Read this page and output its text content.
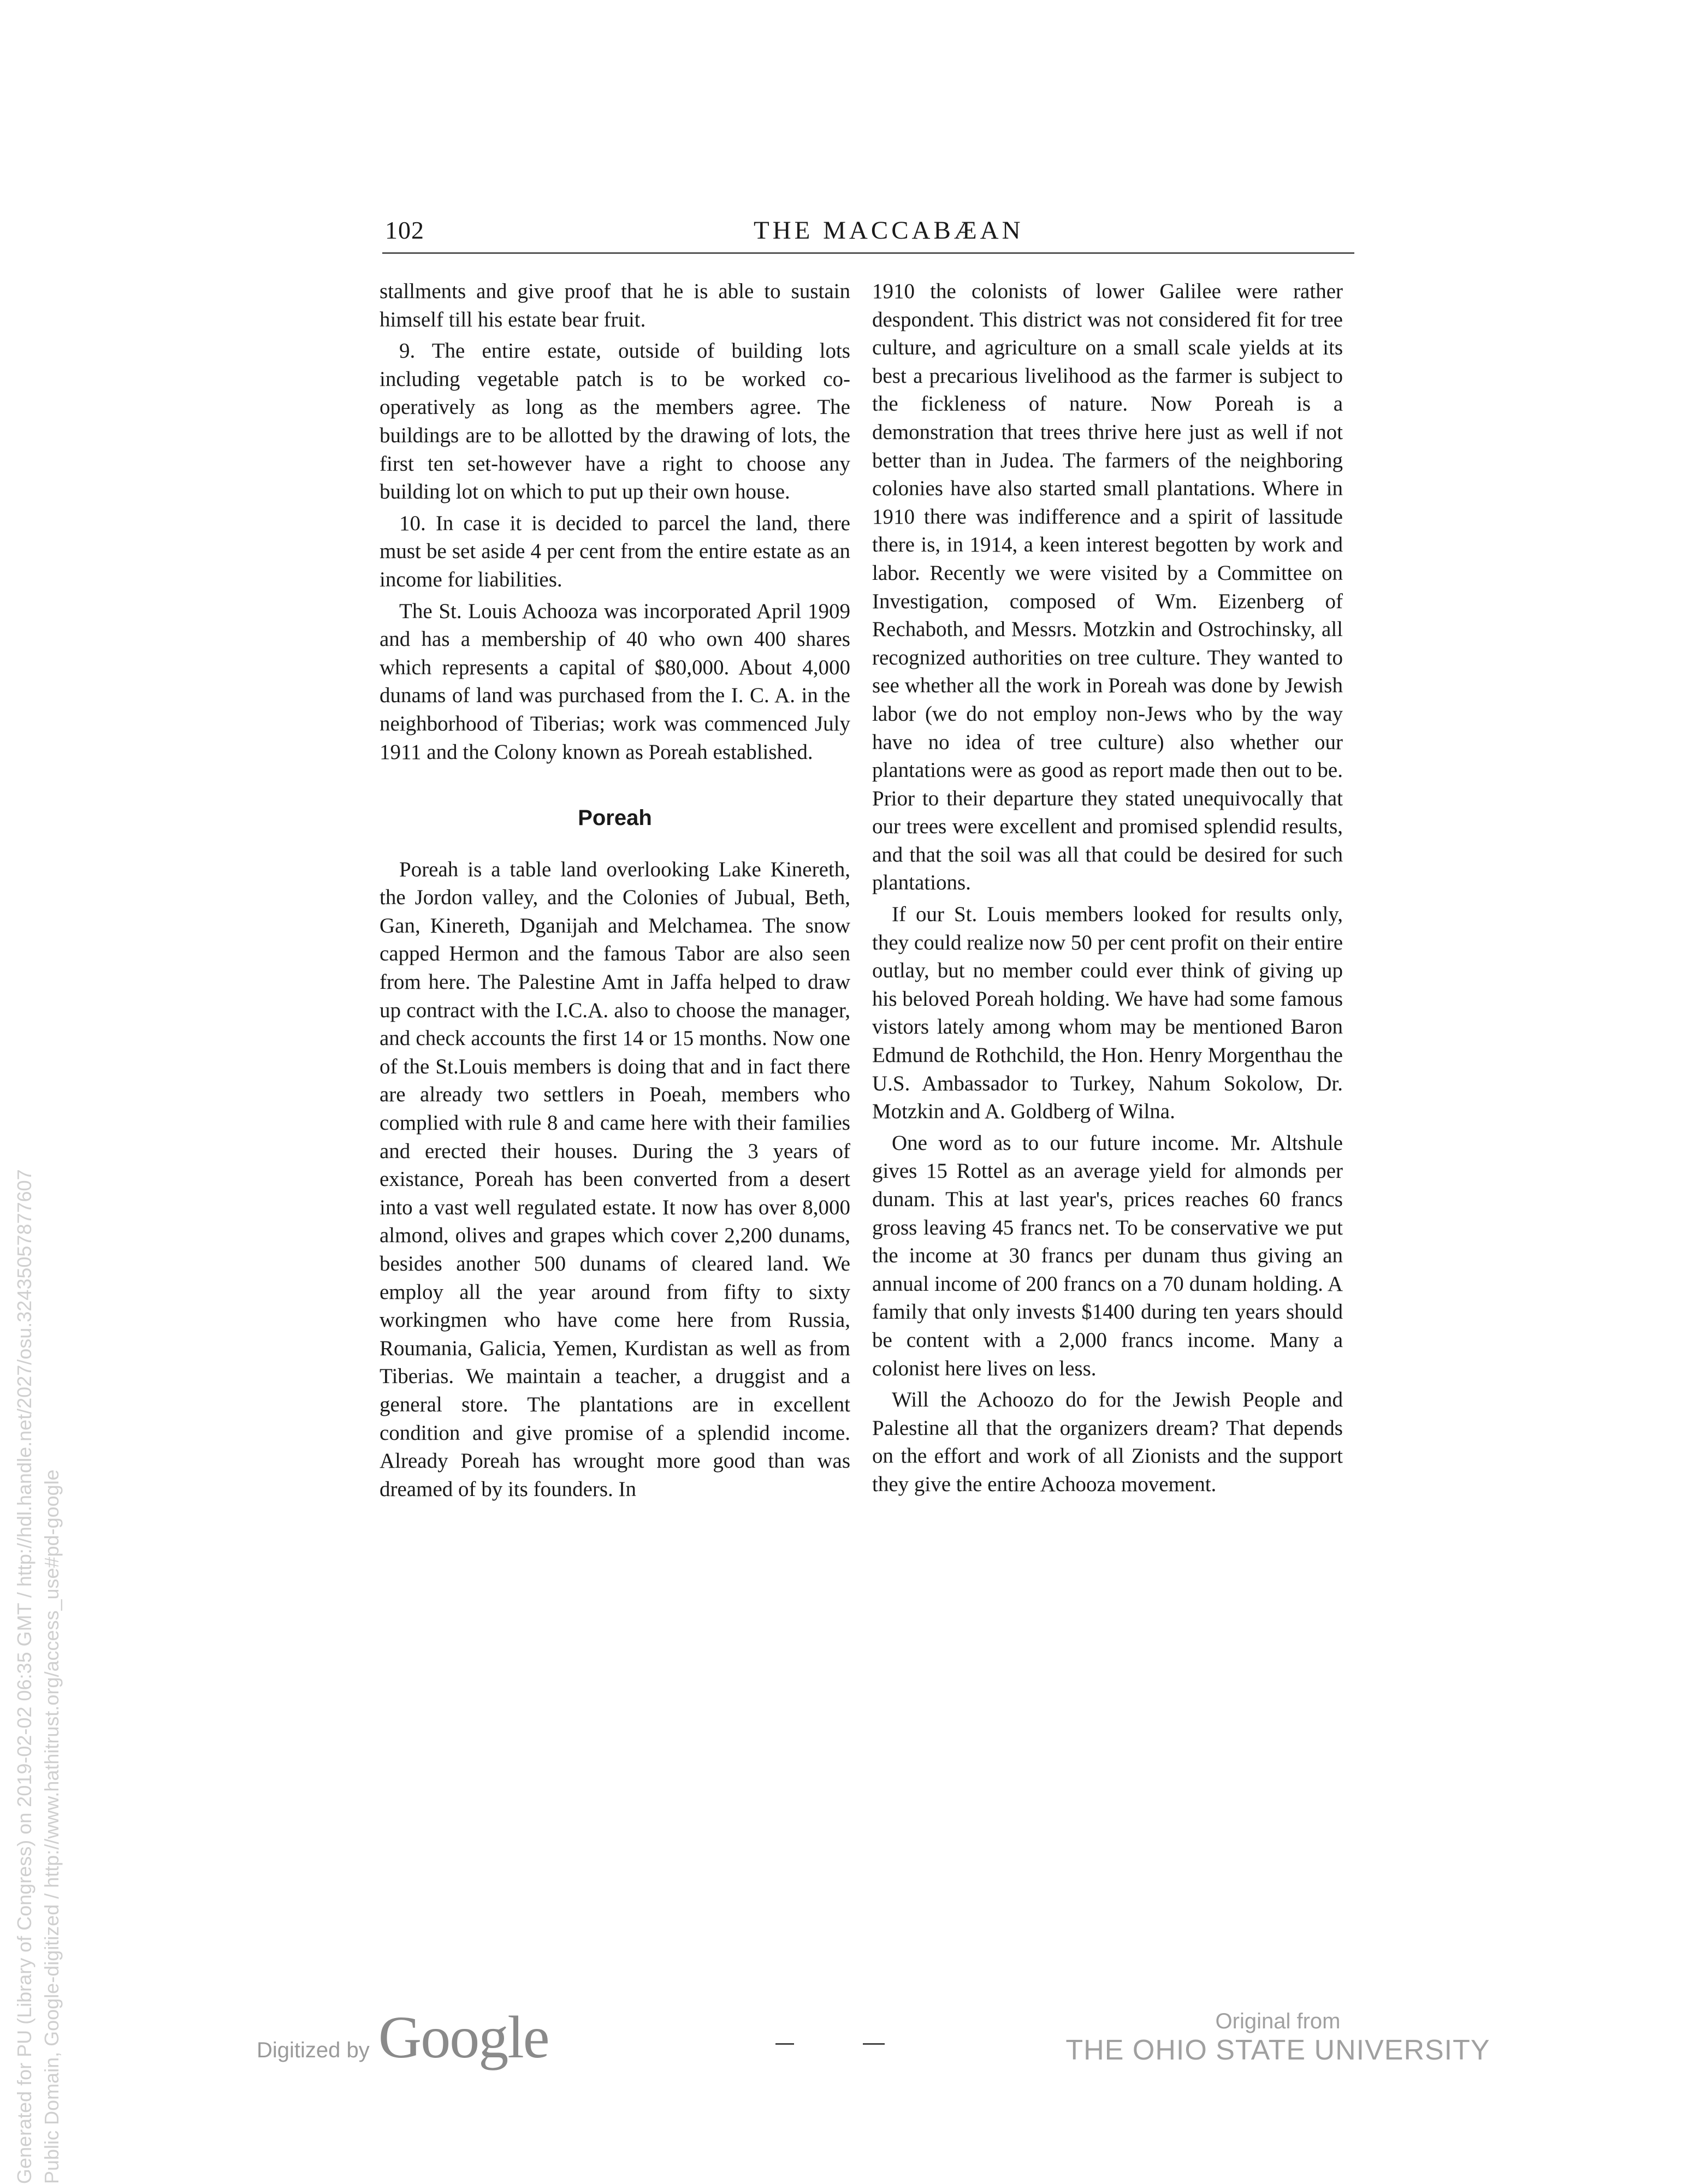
Generated for PU (Library of Congress) on 2019-02-02 06:35 GMT / http://hdl.handle.net/2027/osu.32435057877607 Public Domain, Google-digitized / http://www.hathitrust.org/access_use#pd-google
102	THE MACCABÆAN

stallments and give proof that he is able to sustain himself till his estate bear fruit.

9. The entire estate, outside of building lots including vegetable patch is to be worked co-operatively as long as the members agree. The buildings are to be allotted by the drawing of lots, the first ten set-however have a right to choose any building lot on which to put up their own house.

10. In case it is decided to parcel the land, there must be set aside 4 per cent from the entire estate as an income for liabilities.

The St. Louis Achooza was incorporated April 1909 and has a membership of 40 who own 400 shares which represents a capital of $80,000. About 4,000 dunams of land was purchased from the I. C. A. in the neighborhood of Tiberias; work was commenced July 1911 and the Colony known as Poreah established.

Poreah

Poreah is a table land overlooking Lake Kinereth, the Jordon valley, and the Colonies of Jubual, Beth, Gan, Kinereth, Dganijah and Melchamea. The snow capped Hermon and the famous Tabor are also seen from here. The Palestine Amt in Jaffa helped to draw up contract with the I.C.A. also to choose the manager, and check accounts the first 14 or 15 months. Now one of the St.Louis members is doing that and in fact there are already two settlers in Poeah, members who complied with rule 8 and came here with their families and erected their houses. During the 3 years of existance, Poreah has been converted from a desert into a vast well regulated estate. It now has over 8,000 almond, olives and grapes which cover 2,200 dunams, besides another 500 dunams of cleared land. We employ all the year around from fifty to sixty workingmen who have come here from Russia, Roumania, Galicia, Yemen, Kurdistan as well as from Tiberias. We maintain a teacher, a druggist and a general store. The plantations are in excellent condition and give promise of a splendid income. Already Poreah has wrought more good than was dreamed of by its founders. In

1910 the colonists of lower Galilee were rather despondent. This district was not considered fit for tree culture, and agriculture on a small scale yields at its best a precarious livelihood as the farmer is subject to the fickleness of nature. Now Poreah is a demonstration that trees thrive here just as well if not better than in Judea. The farmers of the neighboring colonies have also started small plantations. Where in 1910 there was indifference and a spirit of lassitude there is, in 1914, a keen interest begotten by work and labor. Recently we were visited by a Committee on Investigation, composed of Wm. Eizenberg of Rechaboth, and Messrs. Motzkin and Ostrochinsky, all recognized authorities on tree culture. They wanted to see whether all the work in Poreah was done by Jewish labor (we do not employ non-Jews who by the way have no idea of tree culture) also whether our plantations were as good as report made then out to be. Prior to their departure they stated unequivocally that our trees were excellent and promised splendid results, and that the soil was all that could be desired for such plantations.

If our St. Louis members looked for results only, they could realize now 50 per cent profit on their entire outlay, but no member could ever think of giving up his beloved Poreah holding. We have had some famous vistors lately among whom may be mentioned Baron Edmund de Rothchild, the Hon. Henry Morgenthau the U.S. Ambassador to Turkey, Nahum Sokolow, Dr. Motzkin and A. Goldberg of Wilna.

One word as to our future income. Mr. Altshule gives 15 Rottel as an average yield for almonds per dunam. This at last year's, prices reaches 60 francs gross leaving 45 francs net. To be conservative we put the income at 30 francs per dunam thus giving an annual income of 200 francs on a 70 dunam holding. A family that only invests $1400 during ten years should be content with a 2,000 francs income. Many a colonist here lives on less.

Will the Achoozo do for the Jewish People and Palestine all that the organizers dream? That depends on the effort and work of all Zionists and the support they give the entire Achooza movement.

Digitized by Google	Original from
THE OHIO STATE UNIVERSITY
